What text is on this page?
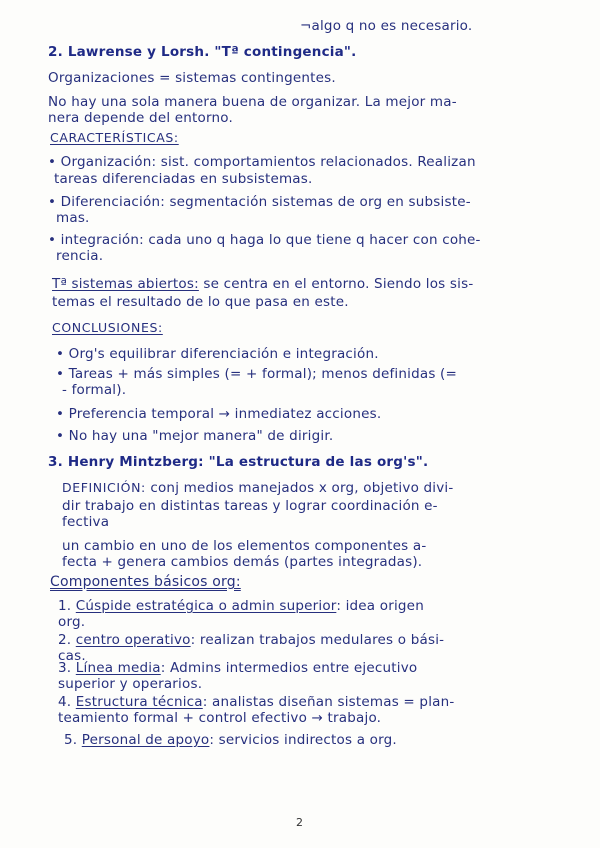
¬algo q no es necesario.
2. Lawrense y Lorsh. "Tª contingencia".
Organizaciones = sistemas contingentes.
No hay una sola manera buena de organizar. La mejor ma-
nera depende del entorno.
CARACTERÍSTICAS:
• Organización: sist. comportamientos relacionados. Realizan
tareas diferenciadas en subsistemas.
• Diferenciación: segmentación sistemas de org en subsiste-
mas.
• integración: cada uno q haga lo que tiene q hacer con cohe-
rencia.
Tª sistemas abiertos: se centra en el entorno. Siendo los sis-
temas el resultado de lo que pasa en este.
CONCLUSIONES:
• Org's equilibrar diferenciación e integración.
• Tareas + más simples (= + formal); menos definidas (=
- formal).
• Preferencia temporal → inmediatez acciones.
• No hay una "mejor manera" de dirigir.
3. Henry Mintzberg: "La estructura de las org's".
DEFINICIÓN: conj medios manejados x org, objetivo divi-
dir trabajo en distintas tareas y lograr coordinación e-
fectiva
un cambio en uno de los elementos componentes a-
fecta + genera cambios demás (partes integradas).
Componentes básicos org:
1. Cúspide estratégica o admin superior: idea origen
org.
2. centro operativo: realizan trabajos medulares o bási-
cas.
3. Línea media: Admins intermedios entre ejecutivo
superior y operarios.
4. Estructura técnica: analistas diseñan sistemas = plan-
teamiento formal + control efectivo → trabajo.
5. Personal de apoyo: servicios indirectos a org.
2
